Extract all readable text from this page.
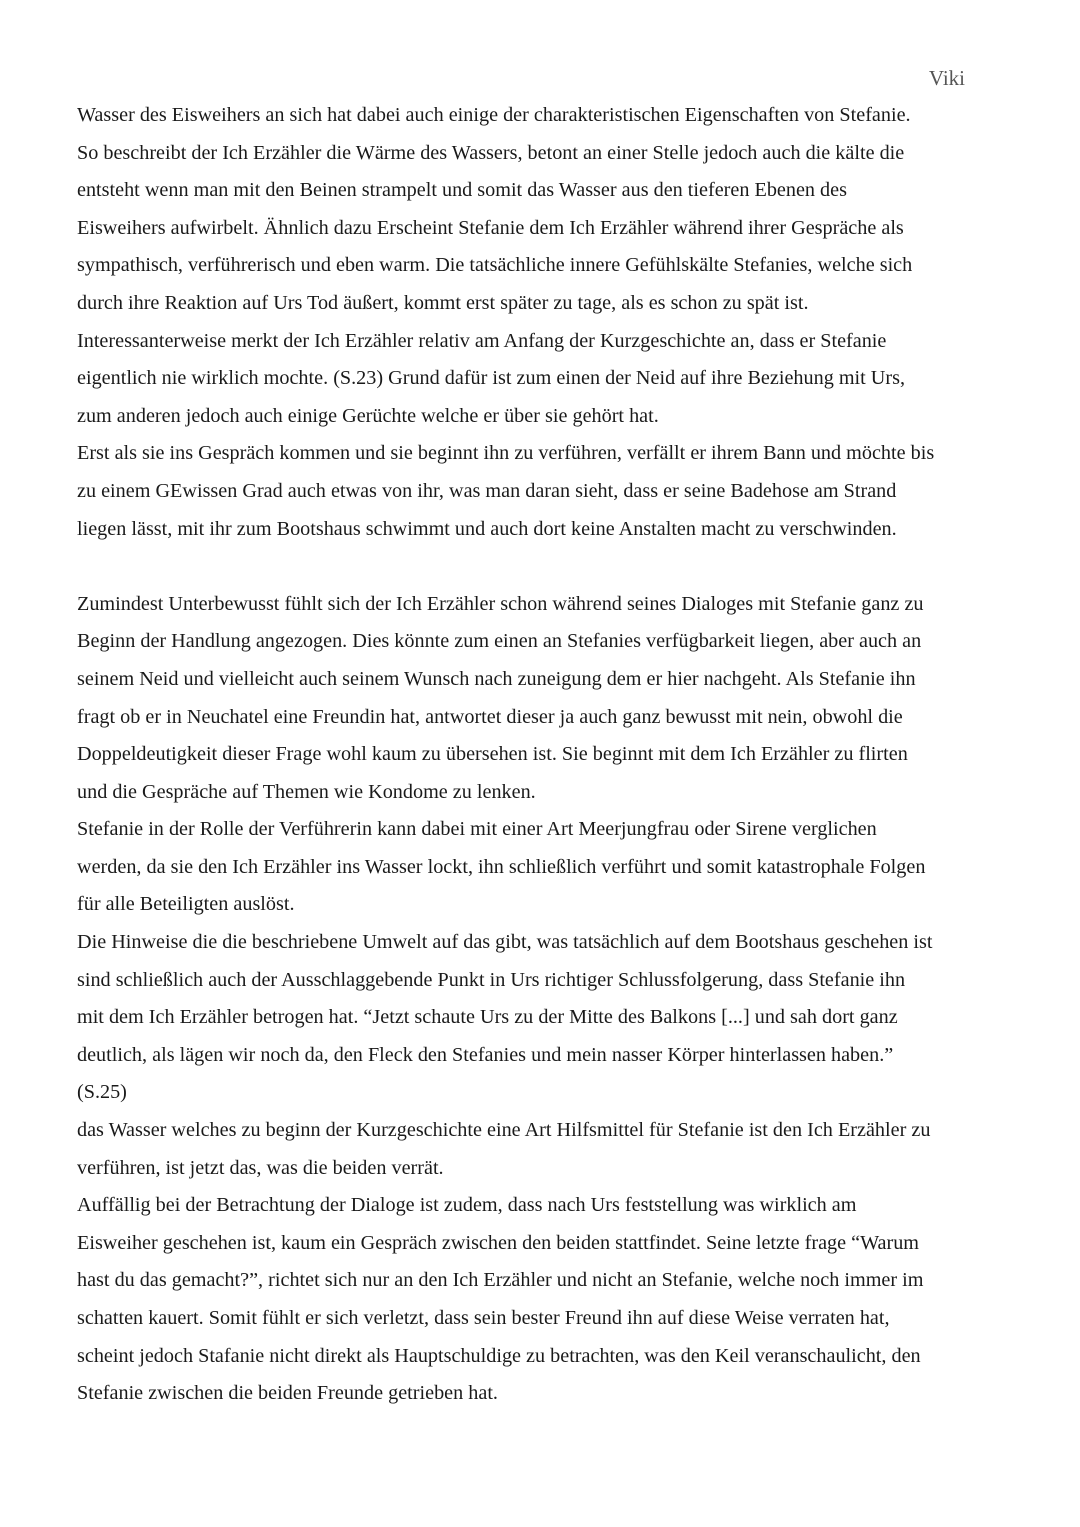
Viki
Wasser des Eisweihers an sich hat dabei auch einige der charakteristischen Eigenschaften von Stefanie.
So beschreibt der Ich Erzähler die Wärme des Wassers, betont an einer Stelle jedoch auch die kälte die
entsteht wenn man mit den Beinen strampelt und somit das Wasser aus den tieferen Ebenen des
Eisweihers aufwirbelt. Ähnlich dazu Erscheint Stefanie dem Ich Erzähler während ihrer Gespräche als
sympathisch, verführerisch und eben warm. Die tatsächliche innere Gefühlskälte Stefanies, welche sich
durch ihre Reaktion auf Urs Tod äußert, kommt erst später zu tage, als es schon zu spät ist.
Interessanterweise merkt der Ich Erzähler relativ am Anfang der Kurzgeschichte an, dass er Stefanie
eigentlich nie wirklich mochte. (S.23) Grund dafür ist zum einen der Neid auf ihre Beziehung mit Urs,
zum anderen jedoch auch einige Gerüchte welche er über sie gehört hat.
Erst als sie ins Gespräch kommen und sie beginnt ihn zu verführen, verfällt er ihrem Bann und möchte bis
zu einem GEwissen Grad auch etwas von ihr, was man daran sieht, dass er seine Badehose am Strand
liegen lässt, mit ihr zum Bootshaus schwimmt und auch dort keine Anstalten macht zu verschwinden.
Zumindest Unterbewusst fühlt sich der Ich Erzähler schon während seines Dialoges mit Stefanie ganz zu
Beginn der Handlung angezogen. Dies könnte zum einen an Stefanies verfügbarkeit liegen, aber auch an
seinem Neid und vielleicht auch seinem Wunsch nach zuneigung dem er hier nachgeht. Als Stefanie ihn
fragt ob er in Neuchatel eine Freundin hat, antwortet dieser ja auch ganz bewusst mit nein, obwohl die
Doppeldeutigkeit dieser Frage wohl kaum zu übersehen ist. Sie beginnt mit dem Ich Erzähler zu flirten
und die Gespräche auf Themen wie Kondome zu lenken.
Stefanie in der Rolle der Verführerin kann dabei mit einer Art Meerjungfrau oder Sirene verglichen
werden, da sie den Ich Erzähler ins Wasser lockt, ihn schließlich verführt und somit katastrophale Folgen
für alle Beteiligten auslöst.
Die Hinweise die die beschriebene Umwelt auf das gibt, was tatsächlich auf dem Bootshaus geschehen ist
sind schließlich auch der Ausschlaggebende Punkt in Urs richtiger Schlussfolgerung, dass Stefanie ihn
mit dem Ich Erzähler betrogen hat. “Jetzt schaute Urs zu der Mitte des Balkons [...] und sah dort ganz
deutlich, als lägen wir noch da, den Fleck den Stefanies und mein nasser Körper hinterlassen haben.”
(S.25)
das Wasser welches zu beginn der Kurzgeschichte eine Art Hilfsmittel für Stefanie ist den Ich Erzähler zu
verführen, ist jetzt das, was die beiden verrät.
Auffällig bei der Betrachtung der Dialoge ist zudem, dass nach Urs feststellung was wirklich am
Eisweiher geschehen ist, kaum ein Gespräch zwischen den beiden stattfindet. Seine letzte frage “Warum
hast du das gemacht?”, richtet sich nur an den Ich Erzähler und nicht an Stefanie, welche noch immer im
schatten kauert. Somit fühlt er sich verletzt, dass sein bester Freund ihn auf diese Weise verraten hat,
scheint jedoch Stafanie nicht direkt als Hauptschuldige zu betrachten, was den Keil veranschaulicht, den
Stefanie zwischen die beiden Freunde getrieben hat.
